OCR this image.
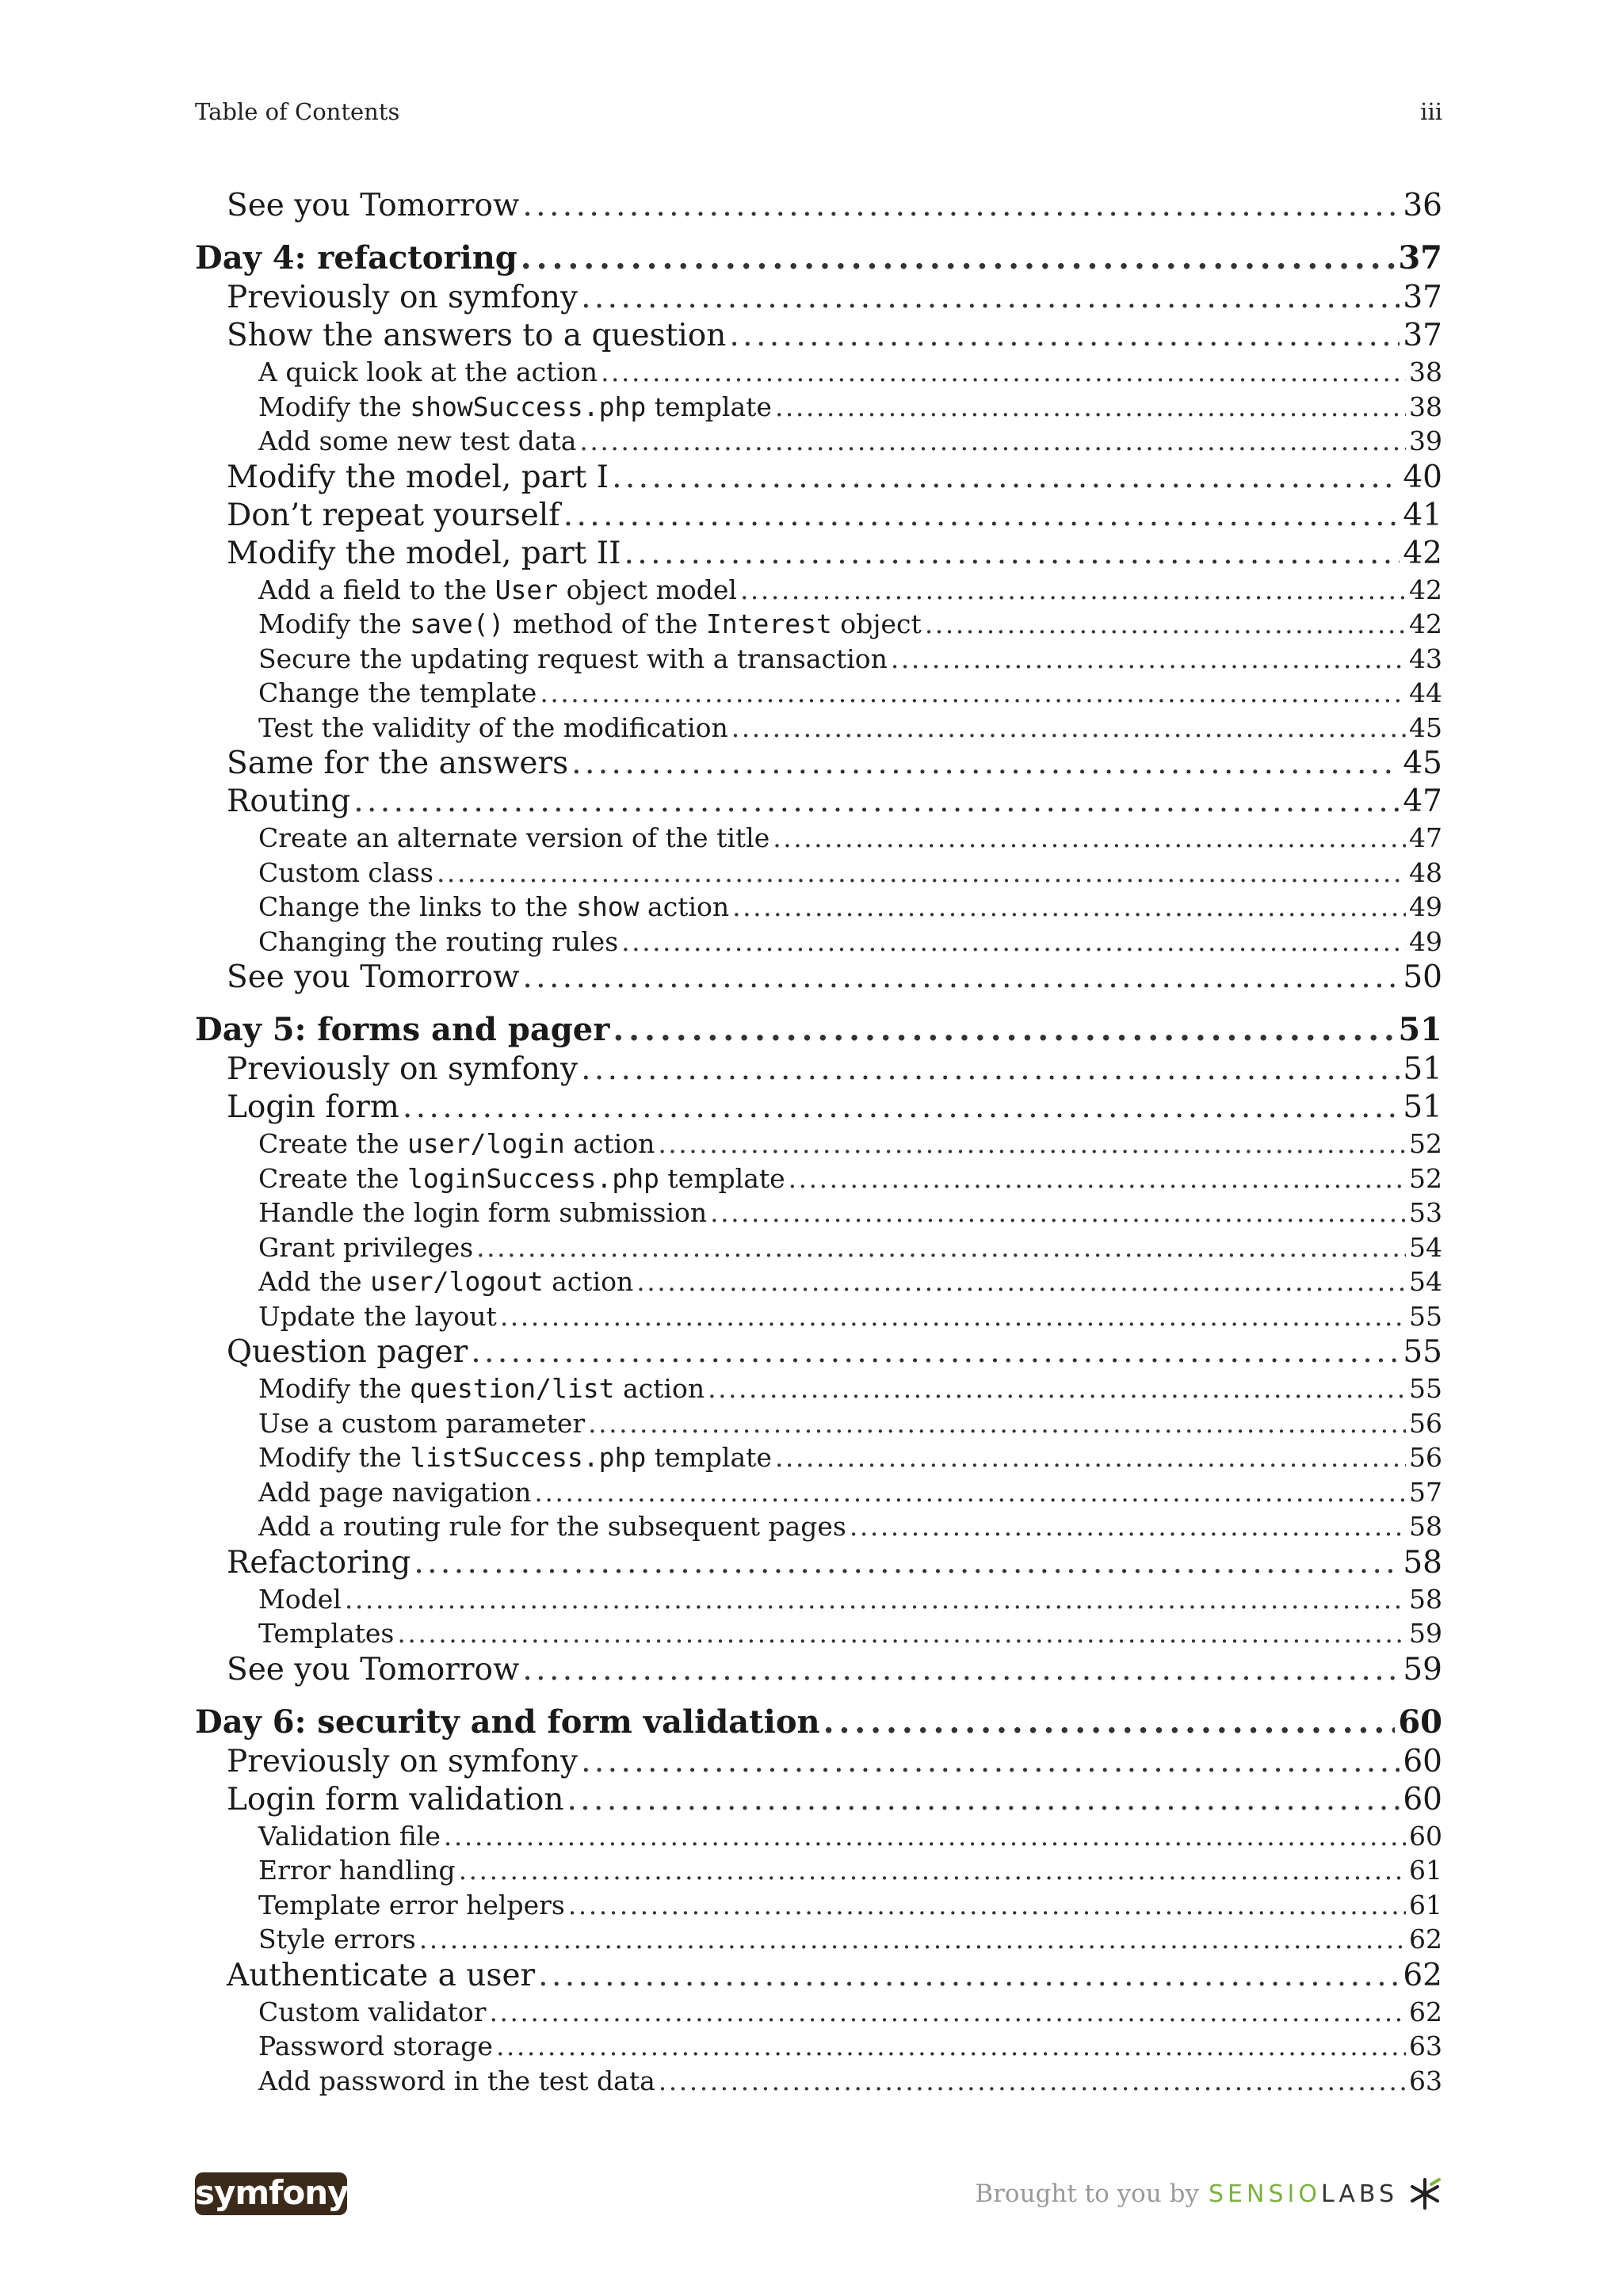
Table of Contents	iii
See you Tomorrow . . .	36
Day 4: refactoring . . .	37
Previously on symfony . . .	37
Show the answers to a question . . .	37
A quick look at the action . . .	38
Modify the showSuccess.php template . . .	38
Add some new test data . . .	39
Modify the model, part I . . .	40
Don’t repeat yourself . . .	41
Modify the model, part II . . .	42
Add a field to the User object model . . .	42
Modify the save() method of the Interest object . . .	42
Secure the updating request with a transaction . . .	43
Change the template . . .	44
Test the validity of the modification . . .	45
Same for the answers . . .	45
Routing . . .	47
Create an alternate version of the title . . .	47
Custom class . . .	48
Change the links to the show action . . .	49
Changing the routing rules . . .	49
See you Tomorrow . . .	50
Day 5: forms and pager . . .	51
Previously on symfony . . .	51
Login form . . .	51
Create the user/login action . . .	52
Create the loginSuccess.php template . . .	52
Handle the login form submission . . .	53
Grant privileges . . .	54
Add the user/logout action . . .	54
Update the layout . . .	55
Question pager . . .	55
Modify the question/list action . . .	55
Use a custom parameter . . .	56
Modify the listSuccess.php template . . .	56
Add page navigation . . .	57
Add a routing rule for the subsequent pages . . .	58
Refactoring . . .	58
Model . . .	58
Templates . . .	59
See you Tomorrow . . .	59
Day 6: security and form validation . . .	60
Previously on symfony . . .	60
Login form validation . . .	60
Validation file . . .	60
Error handling . . .	61
Template error helpers . . .	61
Style errors . . .	62
Authenticate a user . . .	62
Custom validator . . .	62
Password storage . . .	63
Add password in the test data . . .	63
symfony	Brought to you by SENSIOLABS
